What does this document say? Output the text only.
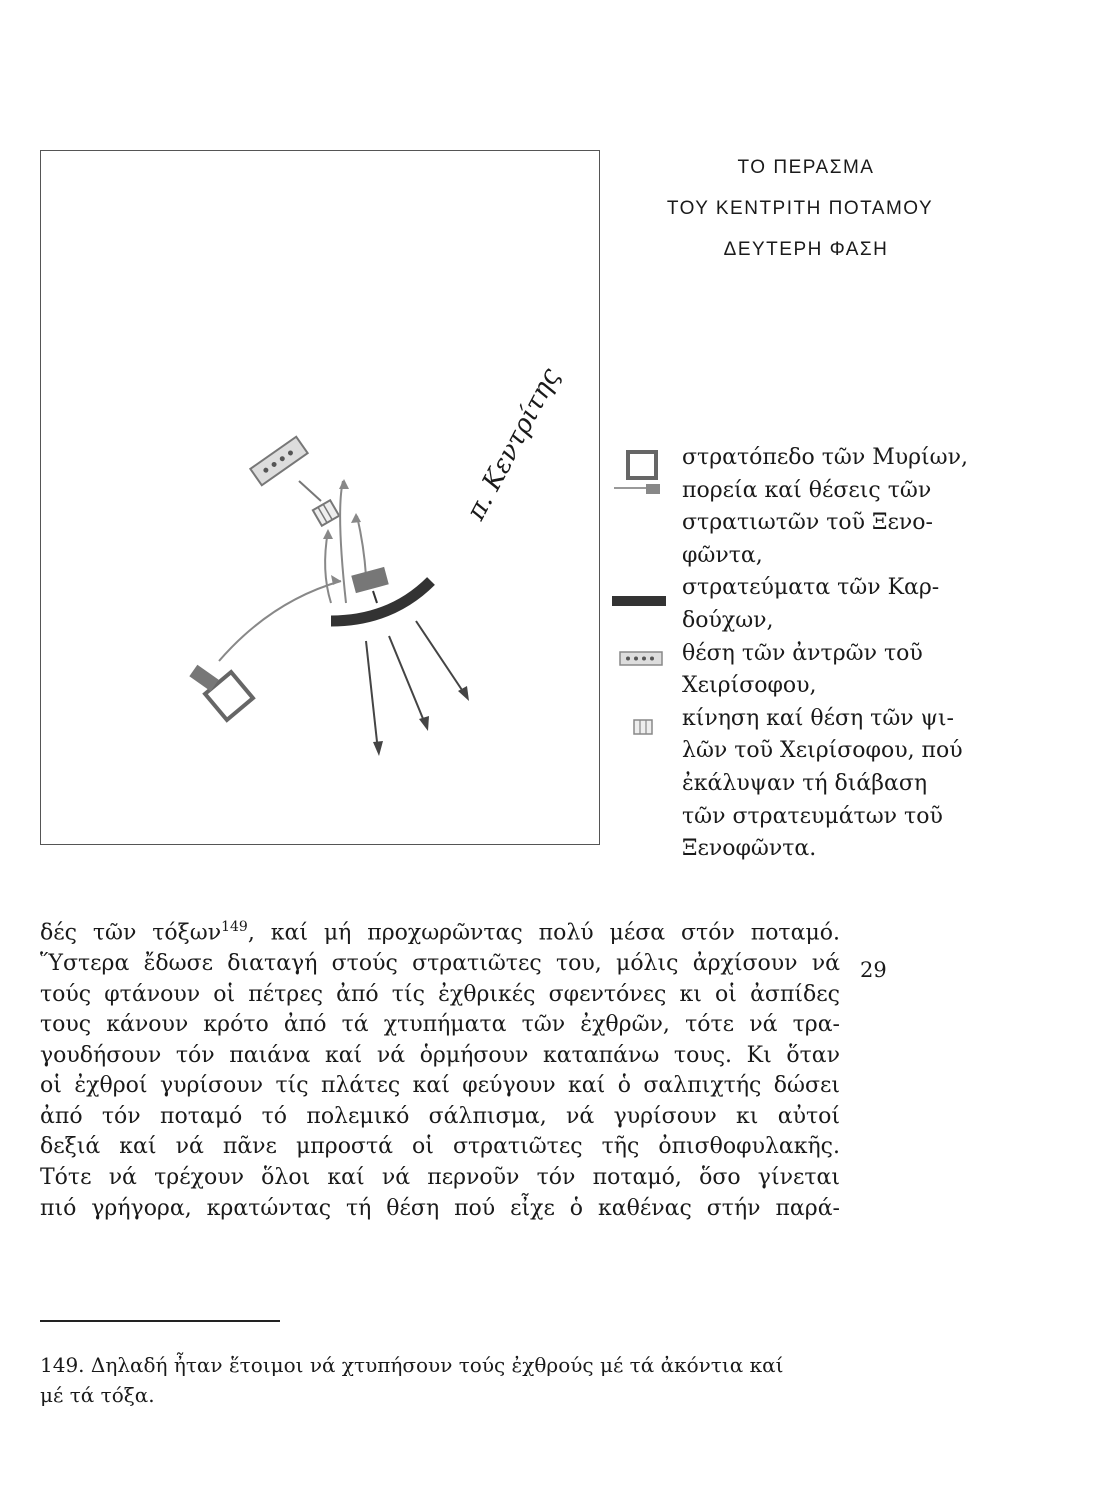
π. Κεντρίτης
ΤΟ ΠΕΡΑΣΜΑ
ΤΟΥ ΚΕΝΤΡΙΤΗ ΠΟΤΑΜΟΥ
ΔΕΥΤΕΡΗ ΦΑΣΗ

στρατόπεδο τῶν Μυρίων,

πορεία καί θέσεις τῶν

στρατιωτῶν τοῦ Ξενο-

φῶντα,

στρατεύματα τῶν Καρ-

δούχων,

θέση τῶν ἀντρῶν τοῦ

Χειρίσοφου,

κίνηση καί θέση τῶν ψι-

λῶν τοῦ Χειρίσοφου, πού

ἐκάλυψαν τή διάβαση

τῶν στρατευμάτων τοῦ

Ξενοφῶντα.

δές τῶν τόξων$^{149}$, καί μή προχωρῶντας πολύ μέσα στόν ποταμό.

Ὕστερα ἔδωσε διαταγή στούς στρατιῶτες του, μόλις ἀρχίσουν νά

τούς φτάνουν οἱ πέτρες ἀπό τίς ἐχθρικές σφεντόνες κι οἱ ἀσπίδες

τους κάνουν κρότο ἀπό τά χτυπήματα τῶν ἐχθρῶν, τότε νά τρα-

γουδήσουν τόν παιάνα καί νά ὁρμήσουν καταπάνω τους. Κι ὅταν

οἱ ἐχθροί γυρίσουν τίς πλάτες καί φεύγουν καί ὁ σαλπιχτής δώσει

ἀπό τόν ποταμό τό πολεμικό σάλπισμα, νά γυρίσουν κι αὐτοί

δεξιά καί νά πᾶνε μπροστά οἱ στρατιῶτες τῆς ὀπισθοφυλακῆς.

Τότε νά τρέχουν ὅλοι καί νά περνοῦν τόν ποταμό, ὅσο γίνεται

πιό γρήγορα, κρατώντας τή θέση πού εἶχε ὁ καθένας στήν παρά-

29

149. Δηλαδή ἦταν ἕτοιμοι νά χτυπήσουν τούς ἐχθρούς μέ τά ἀκόντια καί

μέ τά τόξα.
